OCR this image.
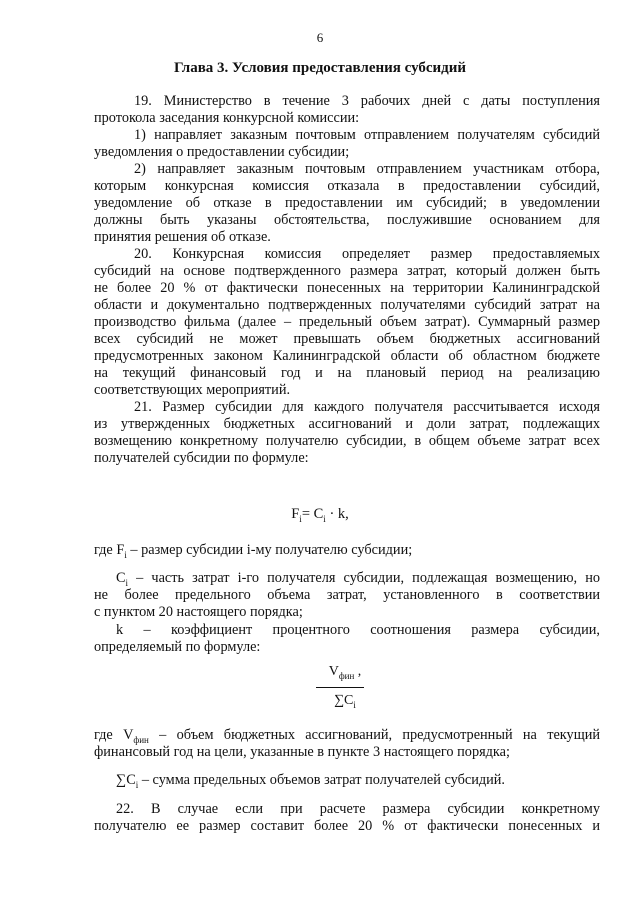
6
Глава 3. Условия предоставления субсидий
19. Министерство в течение 3 рабочих дней с даты поступления
протокола заседания конкурсной комиссии:
1) направляет заказным почтовым отправлением получателям субсидий
уведомления о предоставлении субсидии;
2) направляет заказным почтовым отправлением участникам отбора,
которым конкурсная комиссия отказала в предоставлении субсидий,
уведомление об отказе в предоставлении им субсидий; в уведомлении
должны быть указаны обстоятельства, послужившие основанием для
принятия решения об отказе.
20. Конкурсная комиссия определяет размер предоставляемых
субсидий на основе подтвержденного размера затрат, который должен быть
не более 20 % от фактически понесенных на территории Калининградской
области и документально подтвержденных получателями субсидий затрат на
производство фильма (далее – предельный объем затрат). Суммарный размер
всех субсидий не может превышать объем бюджетных ассигнований
предусмотренных законом Калининградской области об областном бюджете
на текущий финансовый год и на плановый период на реализацию
соответствующих мероприятий.
21. Размер субсидии для каждого получателя рассчитывается исходя
из утвержденных бюджетных ассигнований и доли затрат, подлежащих
возмещению конкретному получателю субсидии, в общем объеме затрат всех
получателей субсидии по формуле:
$F_i= C_i \cdot k$,
где $F_i$ – размер субсидии i-му получателю субсидии;
$C_i$ – часть затрат i-го получателя субсидии, подлежащая возмещению, но
не более предельного объема затрат, установленного в соответствии
с пунктом 20 настоящего порядка;
k – коэффициент процентного соотношения размера субсидии,
определяемый по формуле:
$V_{фин}$ ,
$\sum C_i$
где $V_{фин}$ – объем бюджетных ассигнований, предусмотренный на текущий
финансовый год на цели, указанные в пункте 3 настоящего порядка;
$\sum C_i$ – сумма предельных объемов затрат получателей субсидий.
22. В случае если при расчете размера субсидии конкретному
получателю ее размер составит более 20 % от фактически понесенных и
